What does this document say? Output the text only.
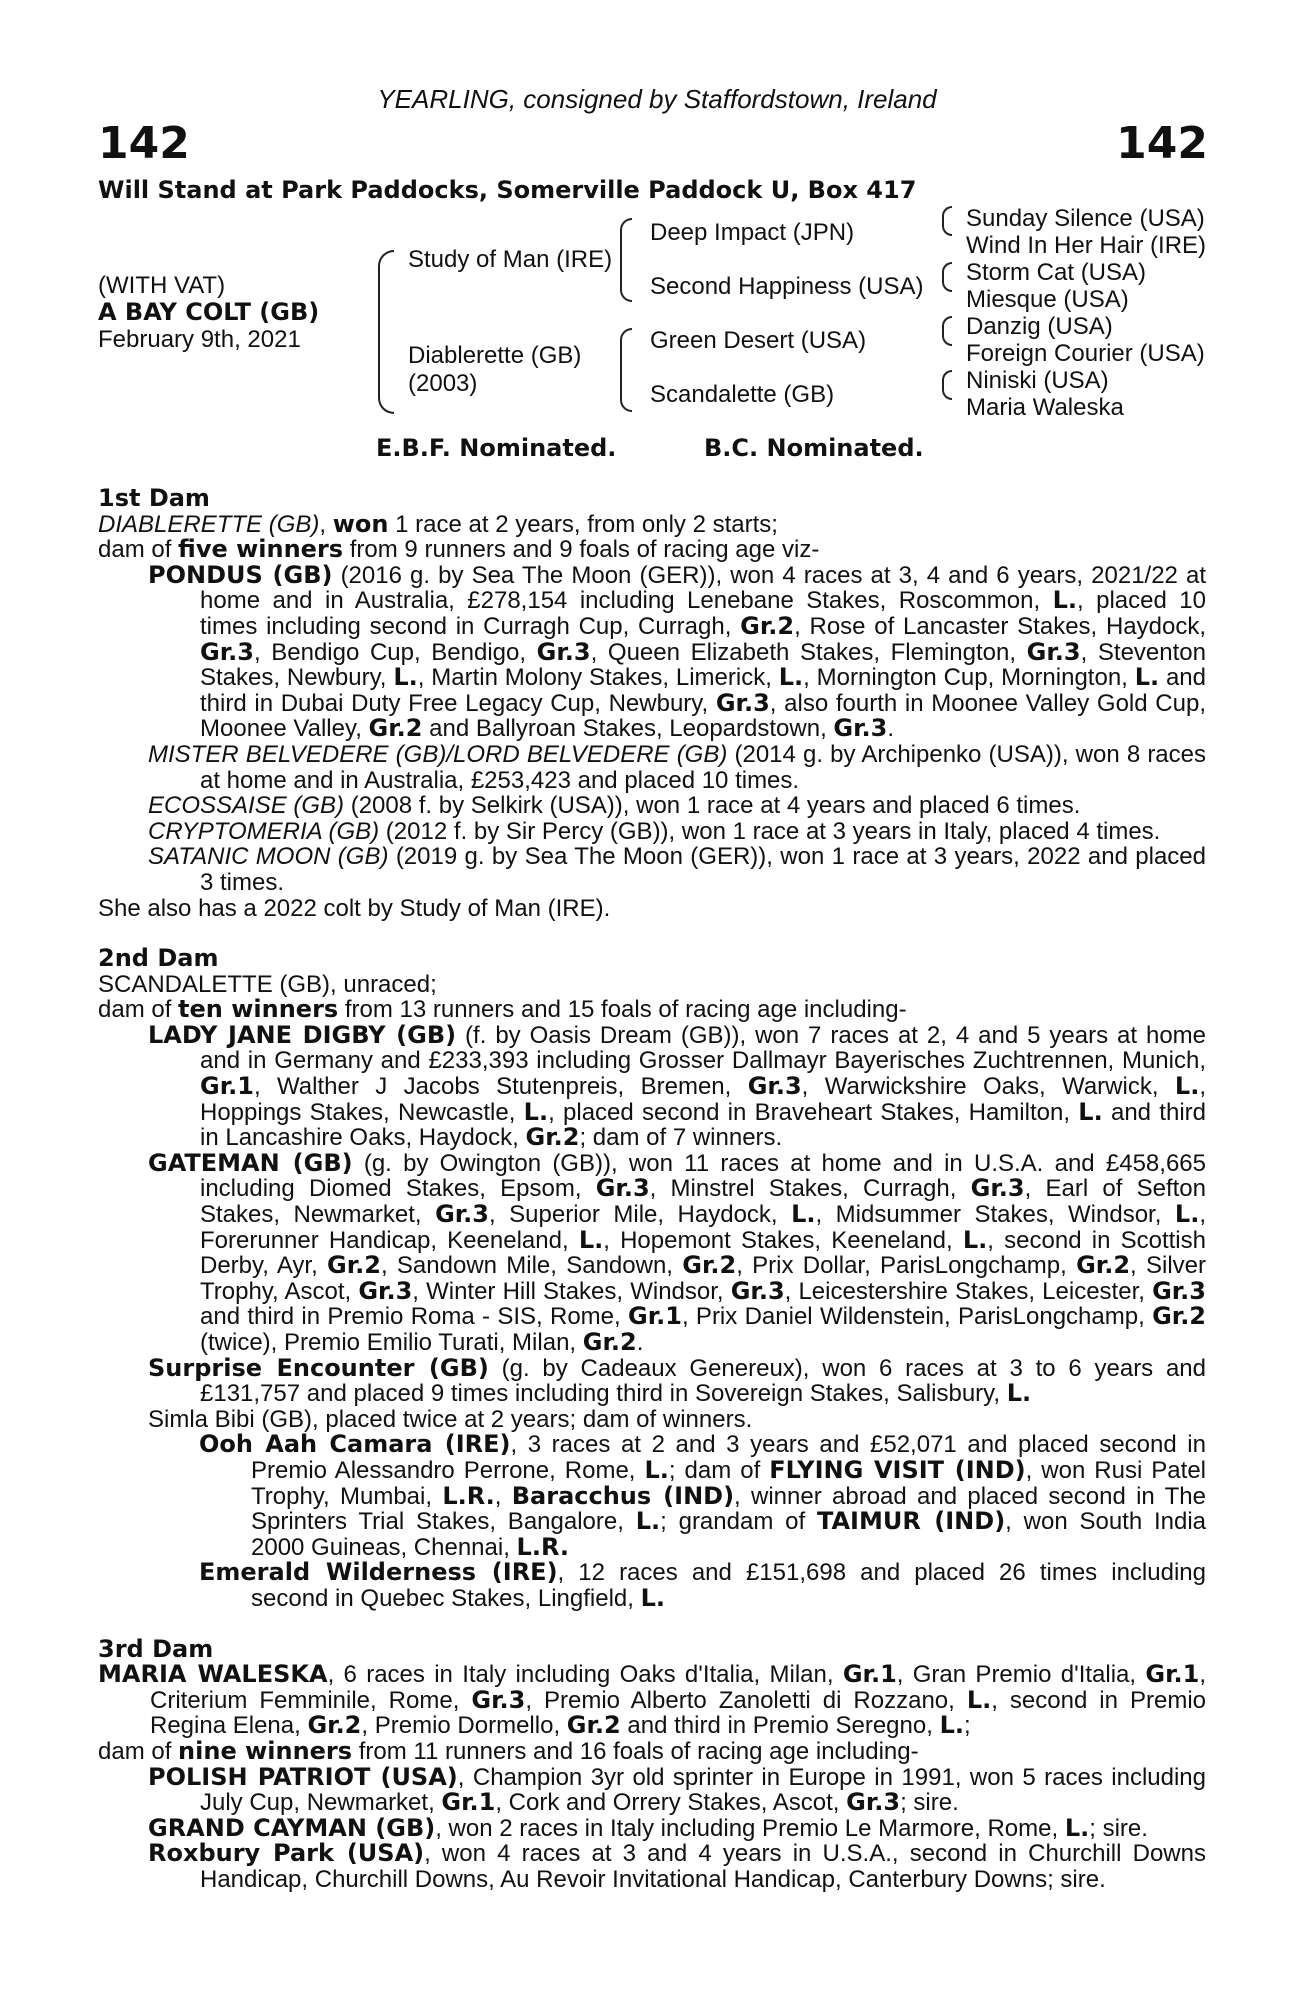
YEARLING, consigned by Staffordstown, Ireland
142	142
Will Stand at Park Paddocks, Somerville Paddock U, Box 417
(WITH VAT)
A BAY COLT (GB)
February 9th, 2021
Study of Man (IRE)
Diablerette (GB)
(2003)
Deep Impact (JPN)
Second Happiness (USA)
Green Desert (USA)
Scandalette (GB)
Sunday Silence (USA)
Wind In Her Hair (IRE)
Storm Cat (USA)
Miesque (USA)
Danzig (USA)
Foreign Courier (USA)
Niniski (USA)
Maria Waleska
E.B.F. Nominated.	B.C. Nominated.

1st Dam

DIABLERETTE (GB), won 1 race at 2 years, from only 2 starts;

dam of five winners from 9 runners and 9 foals of racing age viz-

PONDUS (GB) (2016 g. by Sea The Moon (GER)), won 4 races at 3, 4 and 6 years, 2021/22 at home and in Australia, £278,154 including Lenebane Stakes, Roscommon, L., placed 10 times including second in Curragh Cup, Curragh, Gr.2, Rose of Lancaster Stakes, Haydock, Gr.3, Bendigo Cup, Bendigo, Gr.3, Queen Elizabeth Stakes, Flemington, Gr.3, Steventon Stakes, Newbury, L., Martin Molony Stakes, Limerick, L., Mornington Cup, Mornington, L. and third in Dubai Duty Free Legacy Cup, Newbury, Gr.3, also fourth in Moonee Valley Gold Cup, Moonee Valley, Gr.2 and Ballyroan Stakes, Leopardstown, Gr.3.

MISTER BELVEDERE (GB)/LORD BELVEDERE (GB) (2014 g. by Archipenko (USA)), won 8 races at home and in Australia, £253,423 and placed 10 times.

ECOSSAISE (GB) (2008 f. by Selkirk (USA)), won 1 race at 4 years and placed 6 times.

CRYPTOMERIA (GB) (2012 f. by Sir Percy (GB)), won 1 race at 3 years in Italy, placed 4 times.

SATANIC MOON (GB) (2019 g. by Sea The Moon (GER)), won 1 race at 3 years, 2022 and placed 3 times.

She also has a 2022 colt by Study of Man (IRE).

2nd Dam

SCANDALETTE (GB), unraced;

dam of ten winners from 13 runners and 15 foals of racing age including-

LADY JANE DIGBY (GB) (f. by Oasis Dream (GB)), won 7 races at 2, 4 and 5 years at home and in Germany and £233,393 including Grosser Dallmayr Bayerisches Zuchtrennen, Munich, Gr.1, Walther J Jacobs Stutenpreis, Bremen, Gr.3, Warwickshire Oaks, Warwick, L., Hoppings Stakes, Newcastle, L., placed second in Braveheart Stakes, Hamilton, L. and third in Lancashire Oaks, Haydock, Gr.2; dam of 7 winners.

GATEMAN (GB) (g. by Owington (GB)), won 11 races at home and in U.S.A. and £458,665 including Diomed Stakes, Epsom, Gr.3, Minstrel Stakes, Curragh, Gr.3, Earl of Sefton Stakes, Newmarket, Gr.3, Superior Mile, Haydock, L., Midsummer Stakes, Windsor, L., Forerunner Handicap, Keeneland, L., Hopemont Stakes, Keeneland, L., second in Scottish Derby, Ayr, Gr.2, Sandown Mile, Sandown, Gr.2, Prix Dollar, ParisLongchamp, Gr.2, Silver Trophy, Ascot, Gr.3, Winter Hill Stakes, Windsor, Gr.3, Leicestershire Stakes, Leicester, Gr.3 and third in Premio Roma - SIS, Rome, Gr.1, Prix Daniel Wildenstein, ParisLongchamp, Gr.2 (twice), Premio Emilio Turati, Milan, Gr.2.

Surprise Encounter (GB) (g. by Cadeaux Genereux), won 6 races at 3 to 6 years and £131,757 and placed 9 times including third in Sovereign Stakes, Salisbury, L.

Simla Bibi (GB), placed twice at 2 years; dam of winners.

Ooh Aah Camara (IRE), 3 races at 2 and 3 years and £52,071 and placed second in Premio Alessandro Perrone, Rome, L.; dam of FLYING VISIT (IND), won Rusi Patel Trophy, Mumbai, L.R., Baracchus (IND), winner abroad and placed second in The Sprinters Trial Stakes, Bangalore, L.; grandam of TAIMUR (IND), won South India 2000 Guineas, Chennai, L.R.

Emerald Wilderness (IRE), 12 races and £151,698 and placed 26 times including second in Quebec Stakes, Lingfield, L.

3rd Dam

MARIA WALESKA, 6 races in Italy including Oaks d'Italia, Milan, Gr.1, Gran Premio d'Italia, Gr.1, Criterium Femminile, Rome, Gr.3, Premio Alberto Zanoletti di Rozzano, L., second in Premio Regina Elena, Gr.2, Premio Dormello, Gr.2 and third in Premio Seregno, L.;

dam of nine winners from 11 runners and 16 foals of racing age including-

POLISH PATRIOT (USA), Champion 3yr old sprinter in Europe in 1991, won 5 races including July Cup, Newmarket, Gr.1, Cork and Orrery Stakes, Ascot, Gr.3; sire.

GRAND CAYMAN (GB), won 2 races in Italy including Premio Le Marmore, Rome, L.; sire.

Roxbury Park (USA), won 4 races at 3 and 4 years in U.S.A., second in Churchill Downs Handicap, Churchill Downs, Au Revoir Invitational Handicap, Canterbury Downs; sire.
